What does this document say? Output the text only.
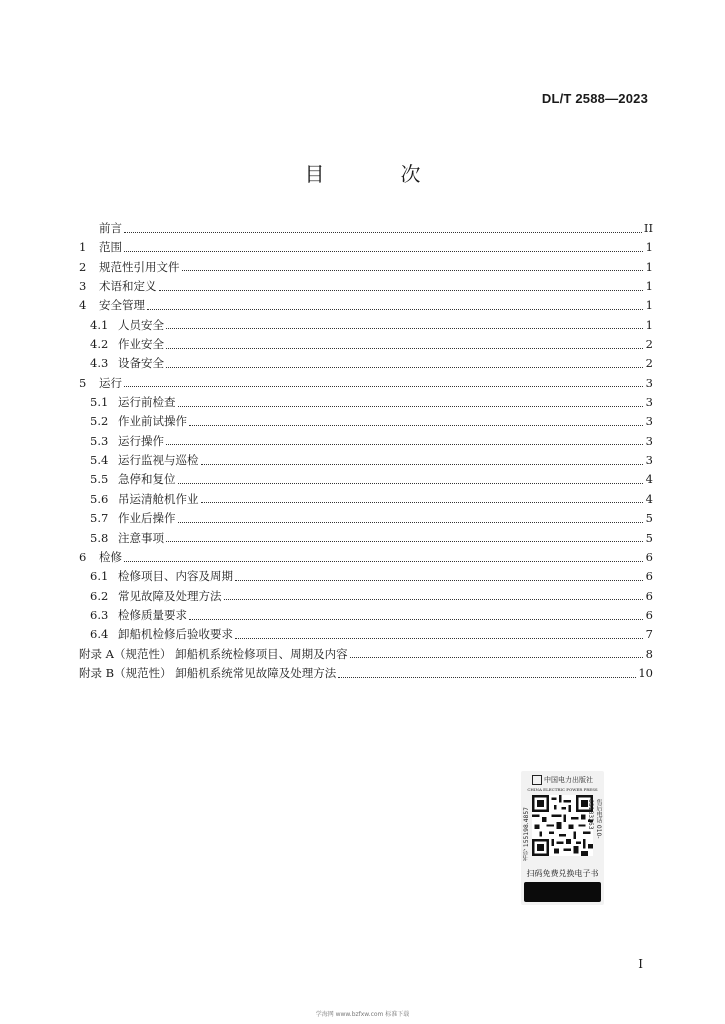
DL/T 2588—2023
目　次
前言	II
1	范围	1
2	规范性引用文件	1
3	术语和定义	1
4	安全管理	1
4.1 人员安全	1
4.2 作业安全	2
4.3 设备安全	2
5	运行	3
5.1 运行前检查	3
5.2 作业前试操作	3
5.3 运行操作	3
5.4 运行监视与巡检	3
5.5 急停和复位	4
5.6 吊运清舱机作业	4
5.7 作业后操作	5
5.8 注意事项	5
6	检修	6
6.1 检修项目、内容及周期	6
6.2 常见故障及处理方法	6
6.3 检修质量要求	6
6.4 卸船机检修后验收要求	7
附录 A（规范性） 卸船机系统检修项目、周期及内容	8
附录 B（规范性） 卸船机系统常见故障及处理方法	10
中国电力出版社
CHINA ELECTRIC POWER PRESS
书号 155198.4857	售后电话 010-63183263
扫码免费兑换电子书
I
学海网 www.bzfxw.com 标准下载
